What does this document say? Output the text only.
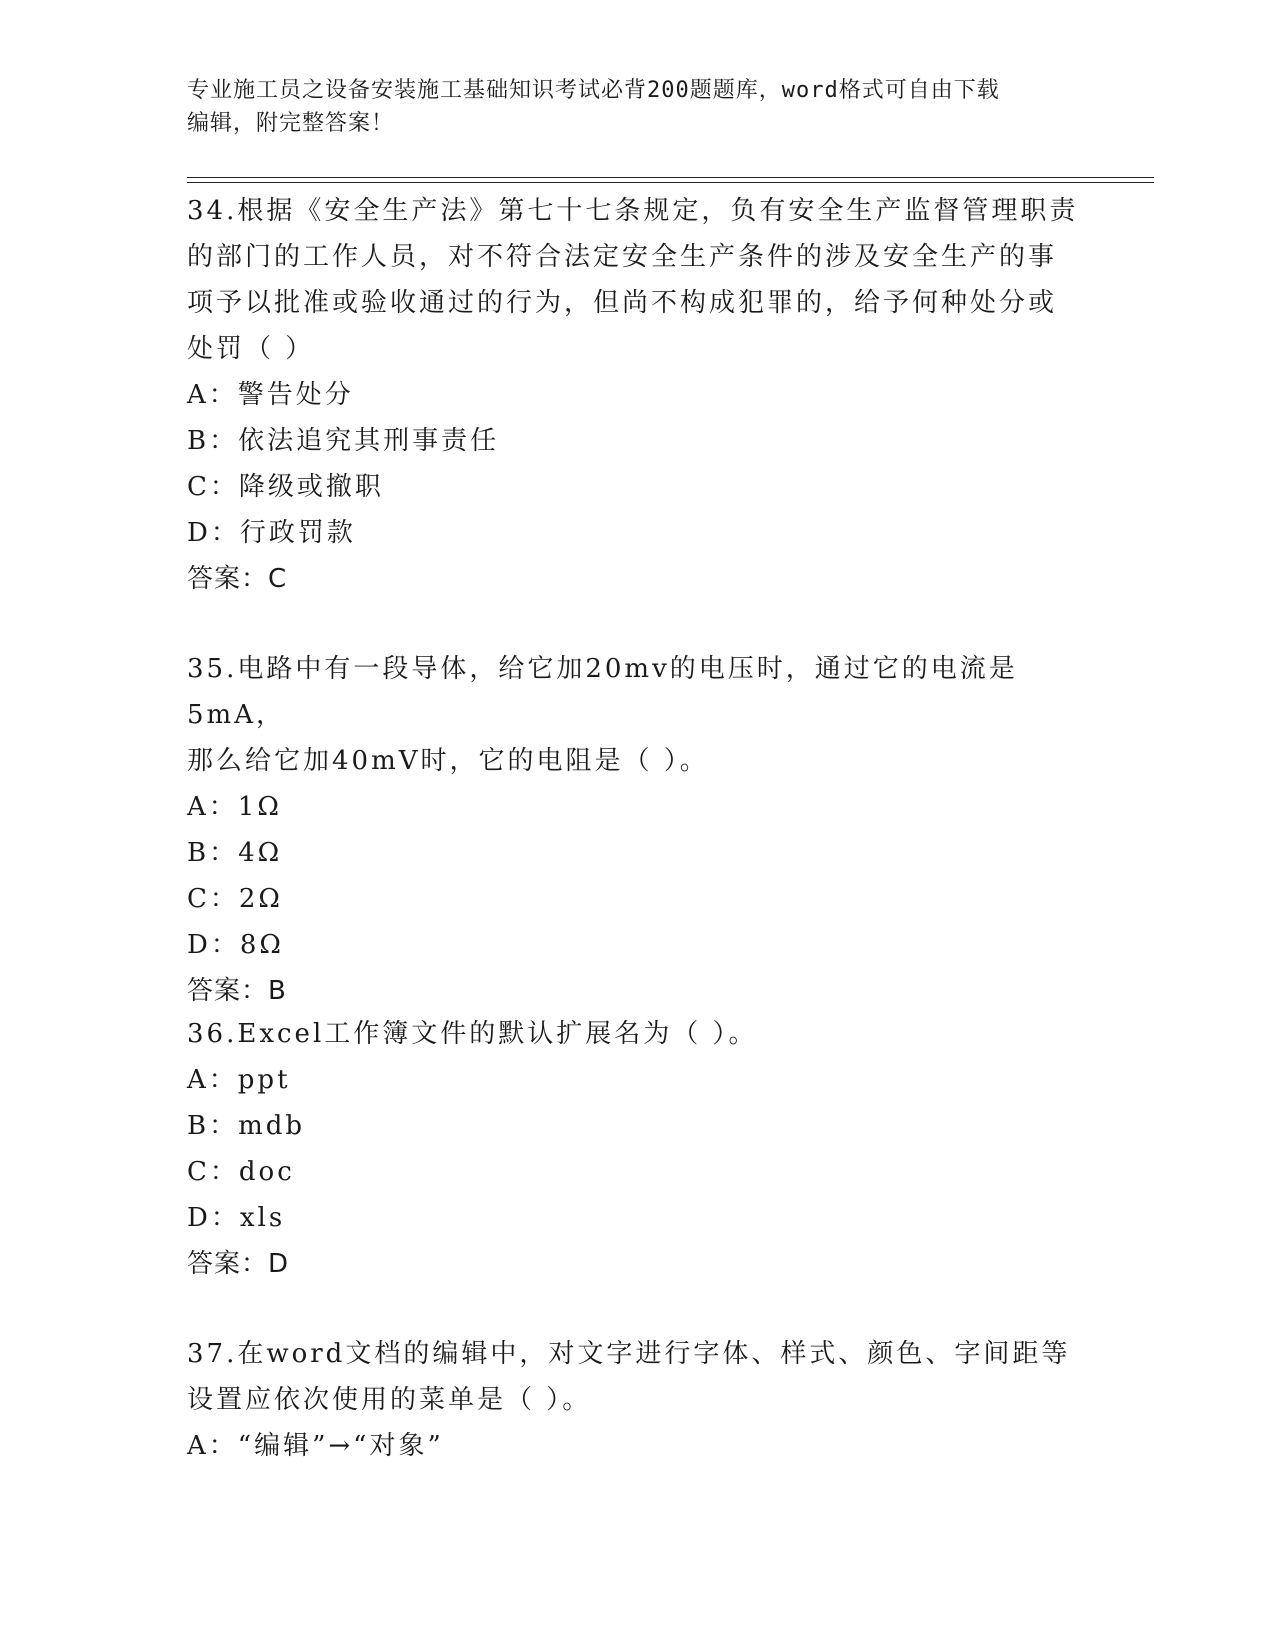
专业施工员之设备安装施工基础知识考试必背200题题库，word格式可自由下载
编辑，附完整答案！

34.根据《安全生产法》第七十七条规定，负有安全生产监督管理职责

的部门的工作人员，对不符合法定安全生产条件的涉及安全生产的事

项予以批准或验收通过的行为，但尚不构成犯罪的，给予何种处分或

处罚（ ）

A：警告处分

B：依法追究其刑事责任

C：降级或撤职

D：行政罚款

答案：C

35.电路中有一段导体，给它加20mv的电压时，通过它的电流是5mA，

那么给它加40mV时，它的电阻是（ ）。

A：1Ω

B：4Ω

C：2Ω

D：8Ω

答案：B

36.Excel工作簿文件的默认扩展名为（ ）。

A：ppt

B：mdb

C：doc

D：xls

答案：D

37.在word文档的编辑中，对文字进行字体、样式、颜色、字间距等

设置应依次使用的菜单是（ ）。

A：“编辑”→“对象”
